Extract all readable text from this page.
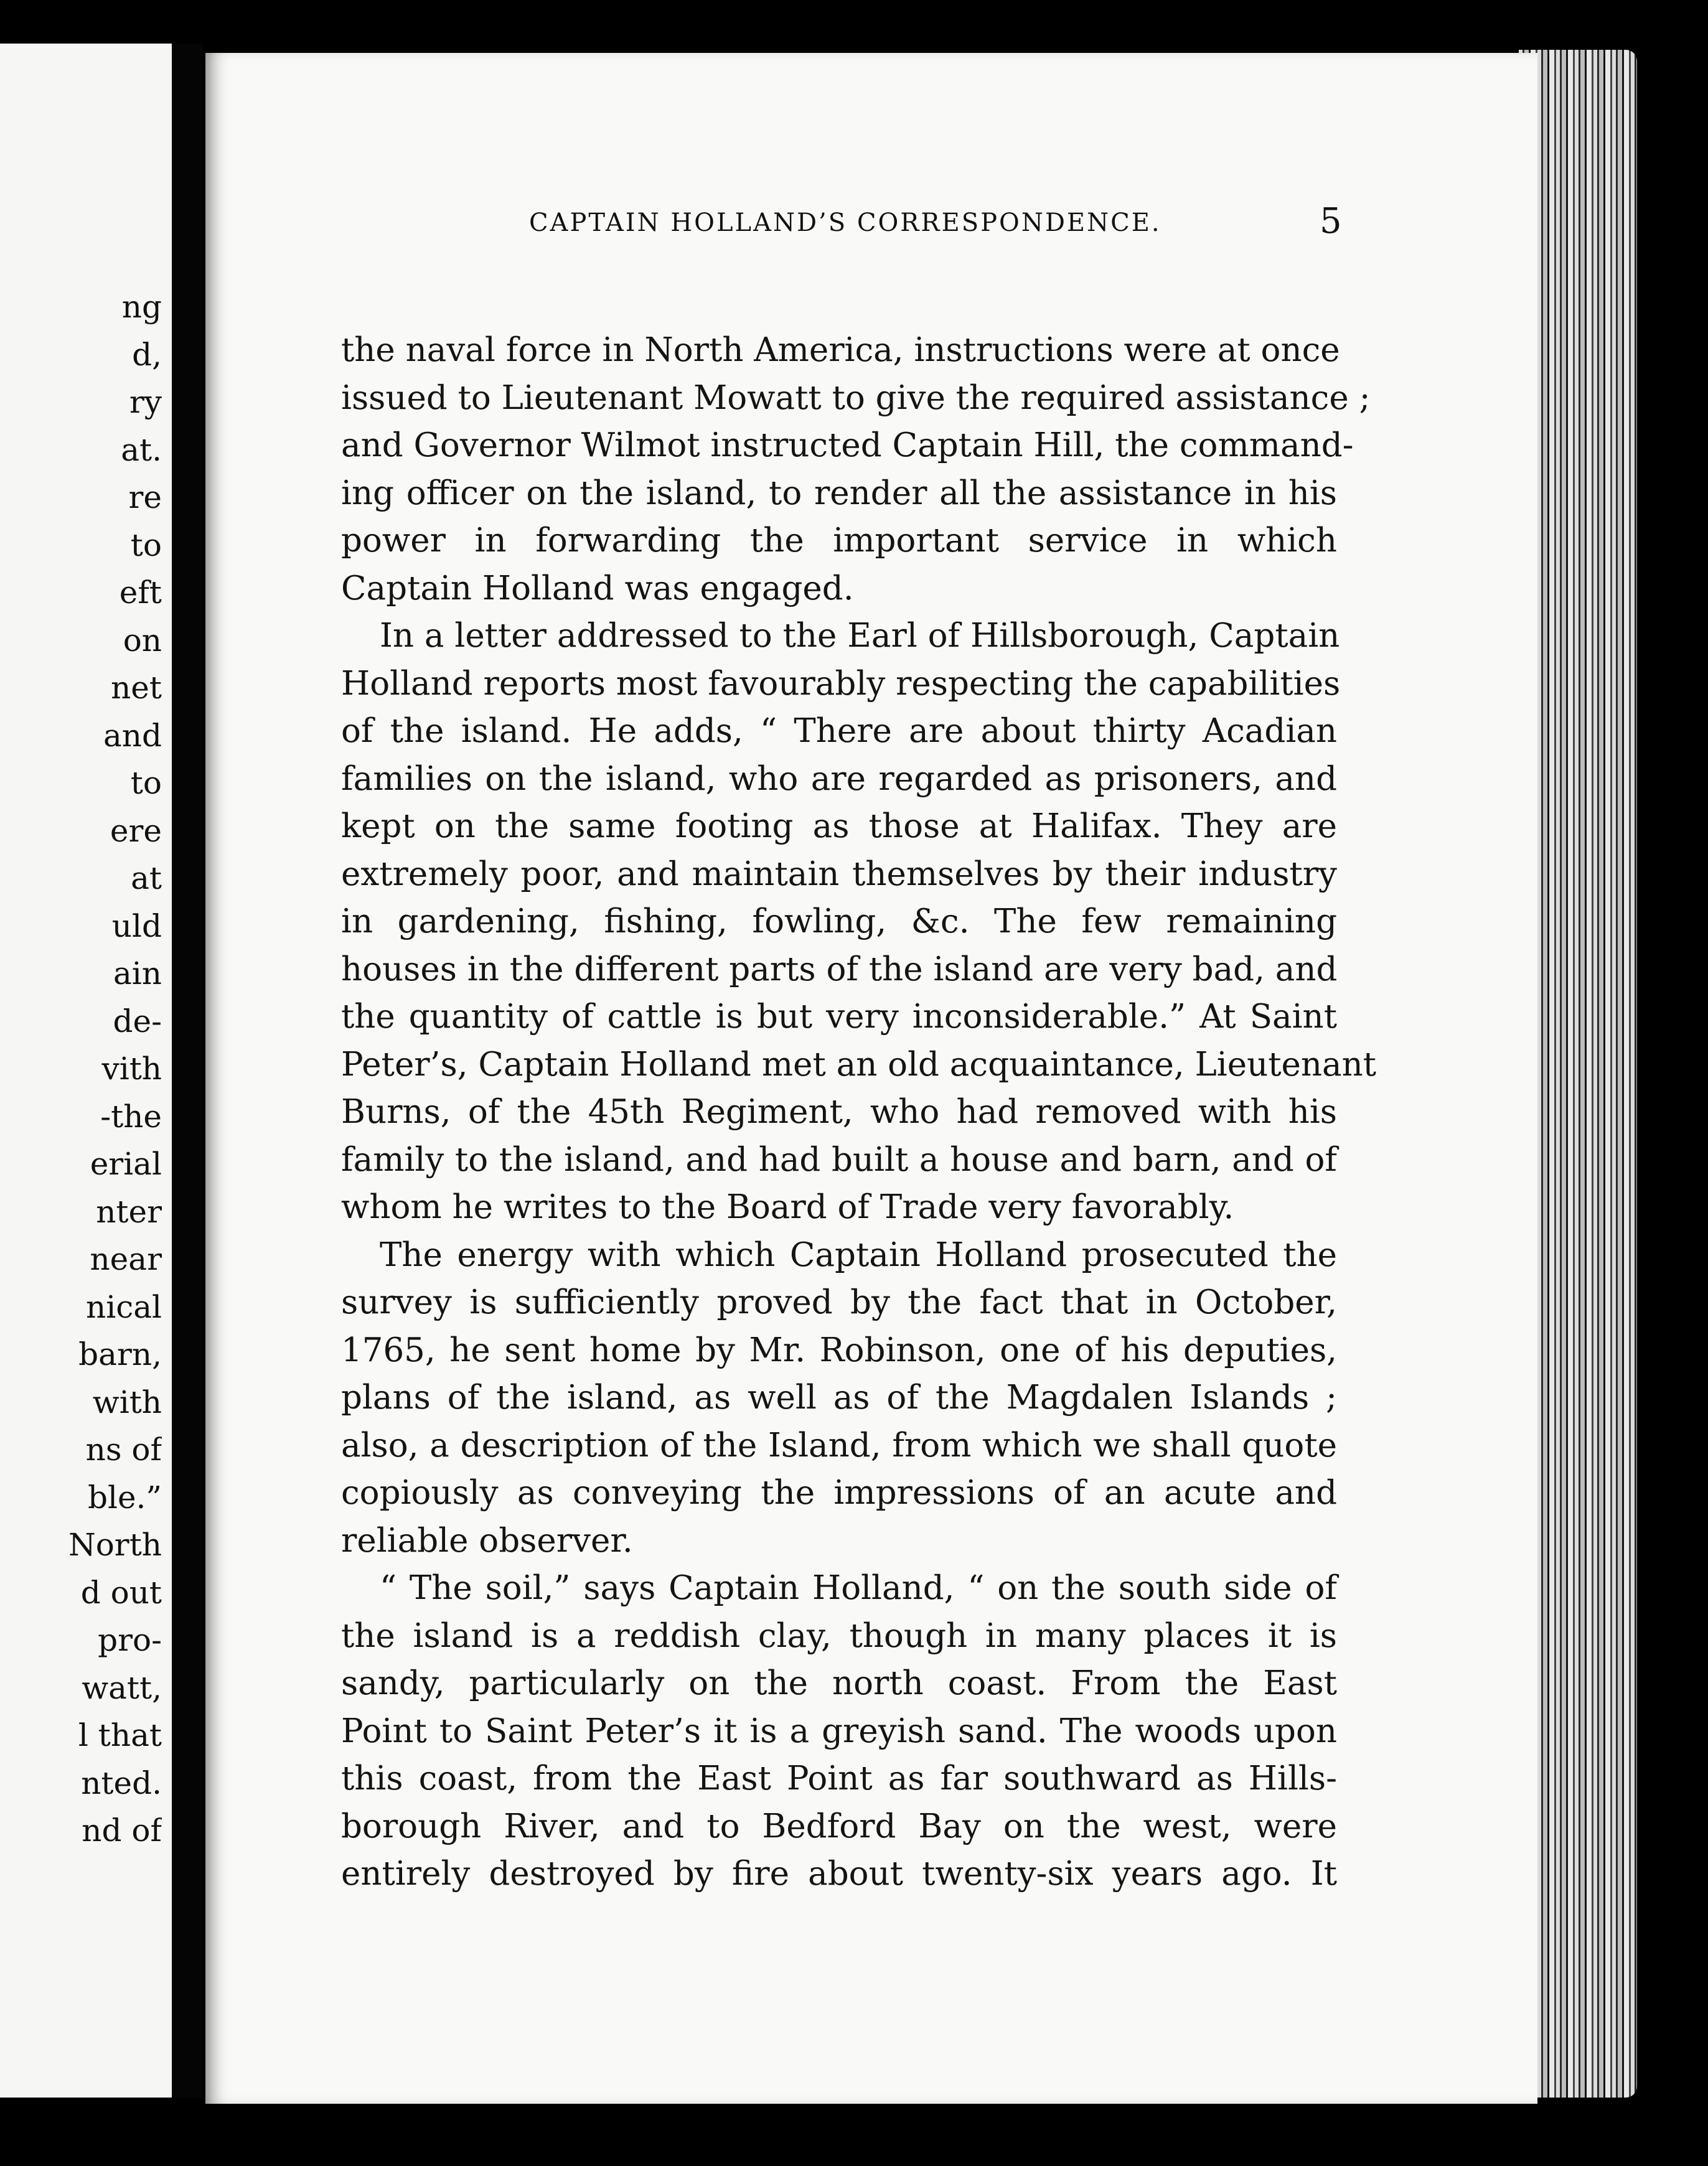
ng
d,
ry
at.
re
to
eft
on
net
and
to
ere
at
uld
ain
de-
vith
-the
erial
nter
near
nical
barn,
with
ns of
ble.”
North
d out
pro-
watt,
l that
nted.
nd of
CAPTAIN HOLLAND’S CORRESPONDENCE.	5
the naval force in North America, instructions were at once
issued to Lieutenant Mowatt to give the required assistance ;
and Governor Wilmot instructed Captain Hill, the command-
ing officer on the island, to render all the assistance in his
power in forwarding the important service in which
Captain Holland was engaged.
In a letter addressed to the Earl of Hillsborough, Captain
Holland reports most favourably respecting the capabilities
of the island. He adds, “ There are about thirty Acadian
families on the island, who are regarded as prisoners, and
kept on the same footing as those at Halifax. They are
extremely poor, and maintain themselves by their industry
in gardening, fishing, fowling, &c. The few remaining
houses in the different parts of the island are very bad, and
the quantity of cattle is but very inconsiderable.” At Saint
Peter’s, Captain Holland met an old acquaintance, Lieutenant
Burns, of the 45th Regiment, who had removed with his
family to the island, and had built a house and barn, and of
whom he writes to the Board of Trade very favorably.
The energy with which Captain Holland prosecuted the
survey is sufficiently proved by the fact that in October,
1765, he sent home by Mr. Robinson, one of his deputies,
plans of the island, as well as of the Magdalen Islands ;
also, a description of the Island, from which we shall quote
copiously as conveying the impressions of an acute and
reliable observer.
“ The soil,” says Captain Holland, “ on the south side of
the island is a reddish clay, though in many places it is
sandy, particularly on the north coast. From the East
Point to Saint Peter’s it is a greyish sand. The woods upon
this coast, from the East Point as far southward as Hills-
borough River, and to Bedford Bay on the west, were
entirely destroyed by fire about twenty-six years ago. It
